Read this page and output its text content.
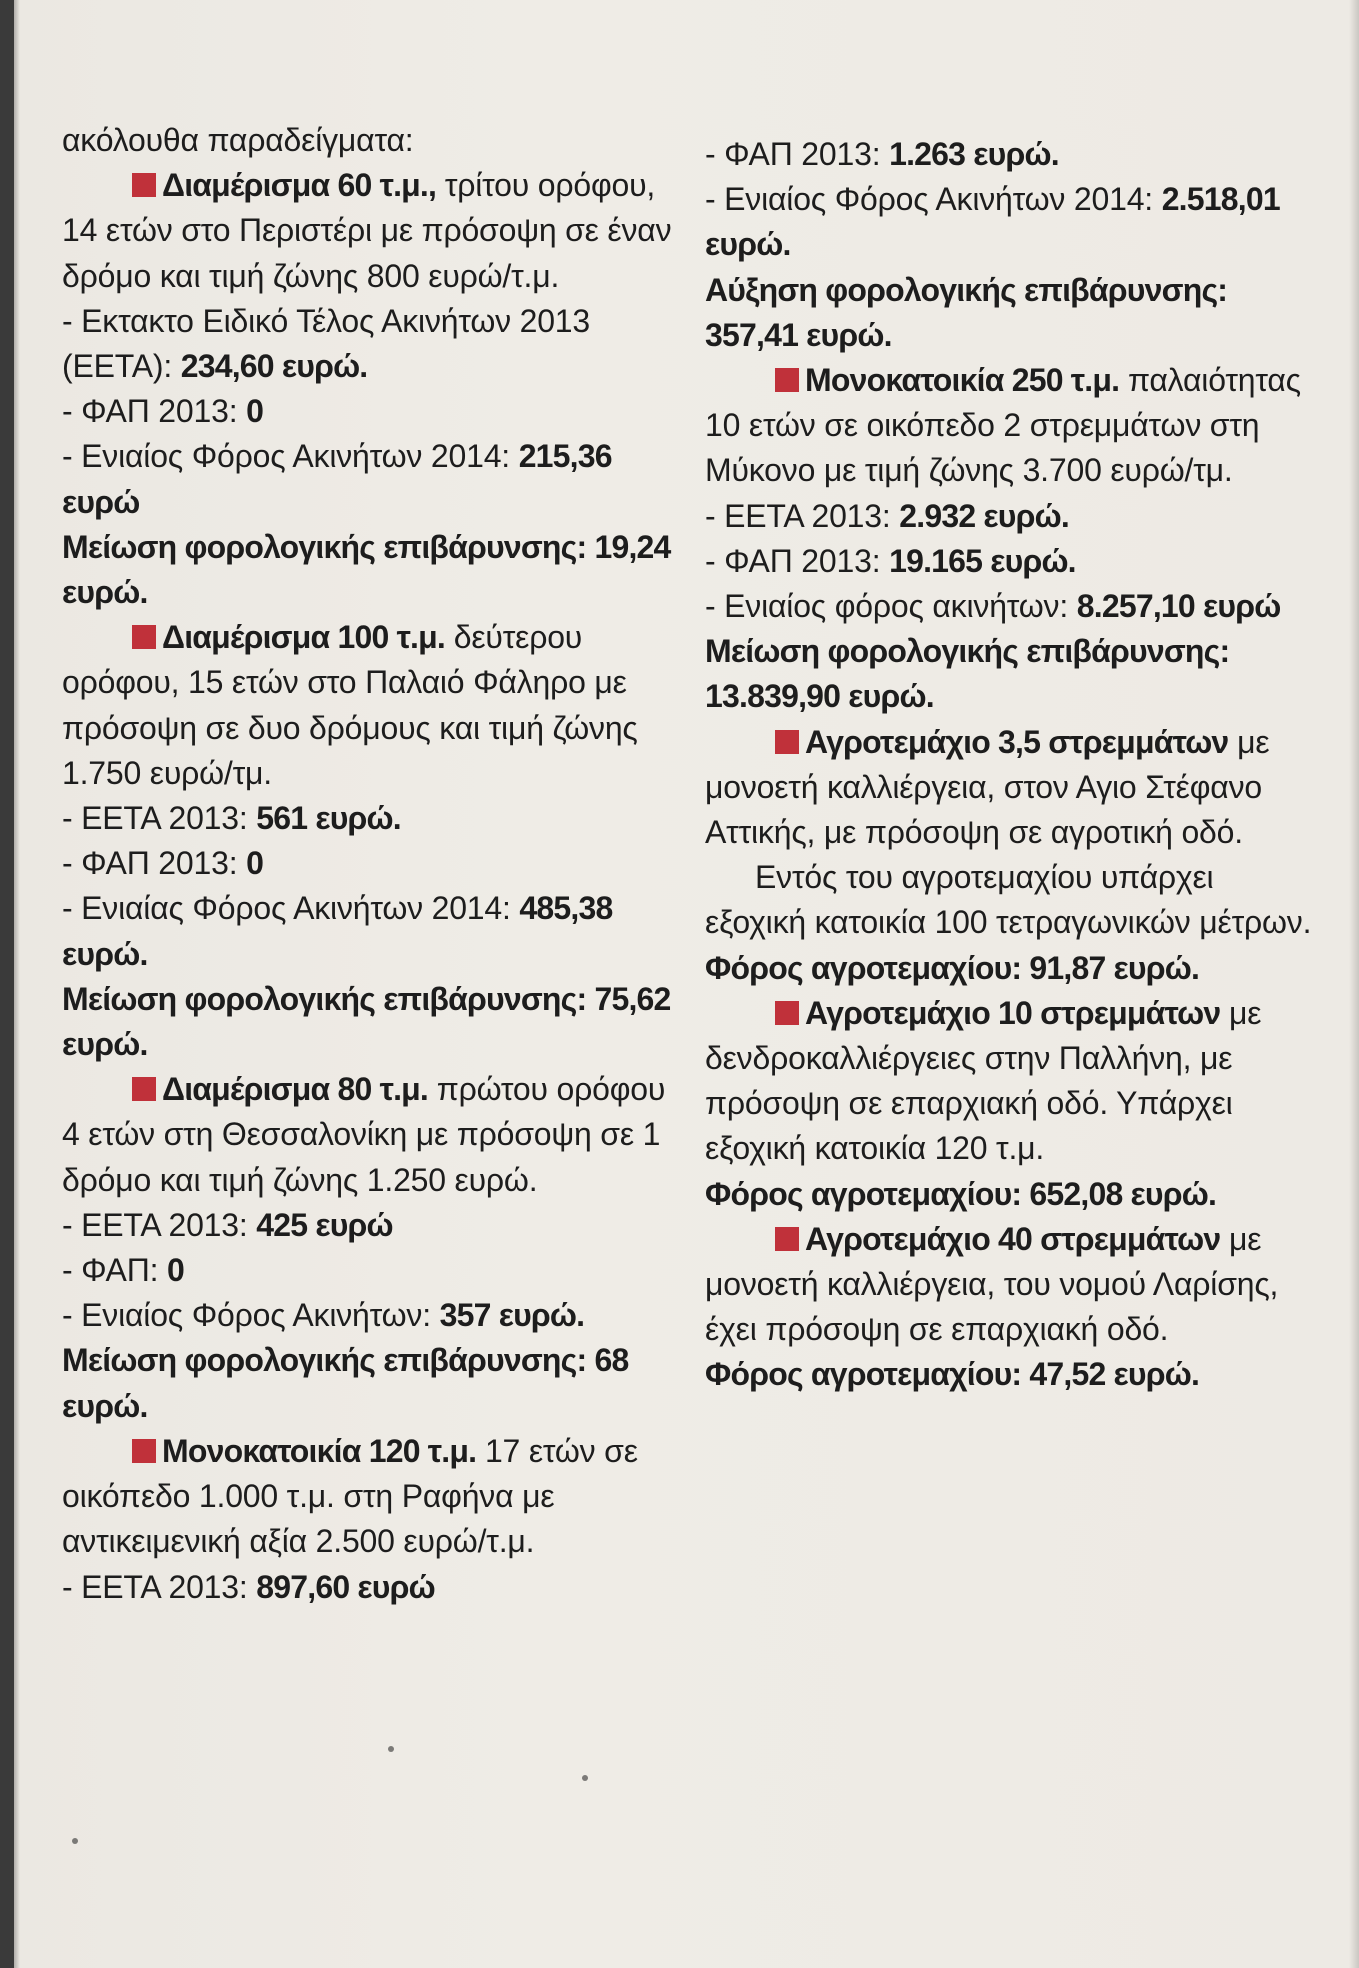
‎ ‎ ‎ ‎

ακόλουθα παραδείγματα:

Διαμέρισμα 60 τ.μ., τρίτου ορόφου, 14 ετών στο Περιστέρι με πρόσοψη σε έναν δρόμο και τιμή ζώνης 800 ευρώ/τ.μ.

- Εκτακτο Ειδικό Τέλος Ακινήτων 2013 (ΕΕΤΑ): 234,60 ευρώ.

- ΦΑΠ 2013: 0

- Ενιαίος Φόρος Ακινήτων 2014: 215,36 ευρώ

Μείωση φορολογικής επιβάρυνσης: 19,24 ευρώ.

Διαμέρισμα 100 τ.μ. δεύτερου ορόφου, 15 ετών στο Παλαιό Φάληρο με πρόσοψη σε δυο δρόμους και τιμή ζώνης 1.750 ευρώ/τμ.

- ΕΕΤΑ 2013: 561 ευρώ.

- ΦΑΠ 2013: 0

- Ενιαίας Φόρος Ακινήτων 2014: 485,38 ευρώ.

Μείωση φορολογικής επιβάρυνσης: 75,62 ευρώ.

Διαμέρισμα 80 τ.μ. πρώτου ορόφου 4 ετών στη Θεσσαλονίκη με πρόσοψη σε 1 δρόμο και τιμή ζώνης 1.250 ευρώ.

- ΕΕΤΑ 2013: 425 ευρώ

- ΦΑΠ: 0

- Ενιαίος Φόρος Ακινήτων: 357 ευρώ.

Μείωση φορολογικής επιβάρυνσης: 68 ευρώ.

Μονοκατοικία 120 τ.μ. 17 ετών σε οικόπεδο 1.000 τ.μ. στη Ραφήνα με αντικειμενική αξία 2.500 ευρώ/τ.μ.

- ΕΕΤΑ 2013: 897,60 ευρώ

- ΦΑΠ 2013: 1.263 ευρώ.

- Ενιαίος Φόρος Ακινήτων 2014: 2.518,01 ευρώ.

Αύξηση φορολογικής επιβάρυνσης: 357,41 ευρώ.

Μονοκατοικία 250 τ.μ. παλαιότητας 10 ετών σε οικόπεδο 2 στρεμμάτων στη Μύκονο με τιμή ζώνης 3.700 ευρώ/τμ.

- ΕΕΤΑ 2013: 2.932 ευρώ.

- ΦΑΠ 2013: 19.165 ευρώ.

- Ενιαίος φόρος ακινήτων: 8.257,10 ευρώ

Μείωση φορολογικής επιβάρυνσης: 13.839,90 ευρώ.

Αγροτεμάχιο 3,5 στρεμμάτων με μονοετή καλλιέργεια, στον Αγιο Στέφανο Αττικής, με πρόσοψη σε αγροτική οδό.

Εντός του αγροτεμαχίου υπάρχει εξοχική κατοικία 100 τετραγωνικών μέτρων.

Φόρος αγροτεμαχίου: 91,87 ευρώ.

Αγροτεμάχιο 10 στρεμμάτων με δενδροκαλλιέργειες στην Παλλήνη, με πρόσοψη σε επαρχιακή οδό. Υπάρχει εξοχική κατοικία 120 τ.μ.

Φόρος αγροτεμαχίου: 652,08 ευρώ.

Αγροτεμάχιο 40 στρεμμάτων με μονοετή καλλιέργεια, του νομού Λαρίσης, έχει πρόσοψη σε επαρχιακή οδό.

Φόρος αγροτεμαχίου: 47,52 ευρώ.
